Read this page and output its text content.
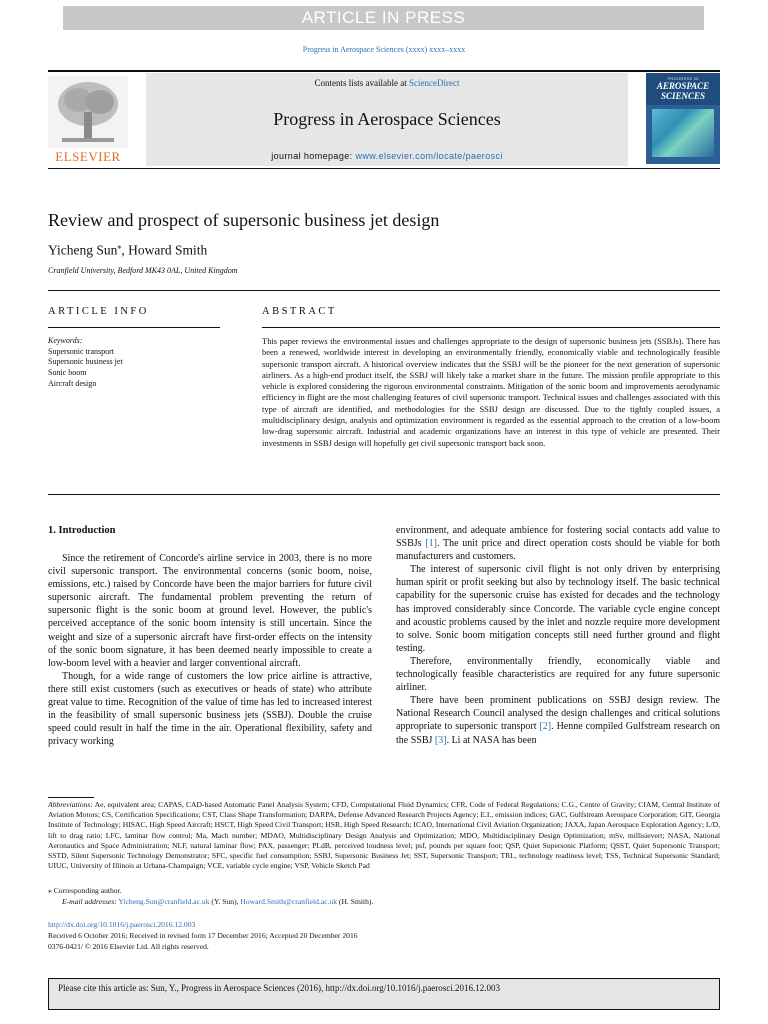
ARTICLE IN PRESS
Progress in Aerospace Sciences (xxxx) xxxx–xxxx
ELSEVIER
Contents lists available at ScienceDirect
Progress in Aerospace Sciences
journal homepage: www.elsevier.com/locate/paerosci
PROGRESS IN
AEROSPACE
SCIENCES
Review and prospect of supersonic business jet design
Yicheng Sun⁎, Howard Smith
Cranfield University, Bedford MK43 0AL, United Kingdom
ARTICLE INFO
Keywords:
Supersonic transport
Supersonic business jet
Sonic boom
Aircraft design
ABSTRACT
This paper reviews the environmental issues and challenges appropriate to the design of supersonic business jets (SSBJs). There has been a renewed, worldwide interest in developing an environmentally friendly, economically viable and technologically feasible supersonic transport aircraft. A historical overview indicates that the SSBJ will be the pioneer for the next generation of supersonic airliners. As a high-end product itself, the SSBJ will likely take a market share in the future. The mission profile appropriate to this vehicle is explored considering the rigorous environmental constraints. Mitigation of the sonic boom and improvements aerodynamic efficiency in flight are the most challenging features of civil supersonic transport. Technical issues and challenges associated with this type of aircraft are identified, and methodologies for the SSBJ design are discussed. Due to the tightly coupled issues, a multidisciplinary design, analysis and optimization environment is regarded as the essential approach to the creation of a low-boom low-drag supersonic aircraft. Industrial and academic organizations have an interest in this type of vehicle are presented. Their investments in SSBJ design will hopefully get civil supersonic transport back soon.
1. Introduction

Since the retirement of Concorde's airline service in 2003, there is no more civil supersonic transport. The environmental concerns (sonic boom, noise, emissions, etc.) raised by Concorde have been the major barriers for future civil supersonic aircraft. The fundamental problem preventing the return of supersonic flight is the sonic boom at ground level. However, the public's perceived acceptance of the sonic boom intensity is still uncertain. Since the weight and size of a supersonic aircraft have first-order effects on the intensity of the sonic boom signature, it has been deemed nearly impossible to create a low-boom level with a heavier and larger conventional aircraft.

Though, for a wide range of customers the low price airline is attractive, there still exist customers (such as executives or heads of state) who attribute great value to time. Recognition of the value of time has led to increased interest in the feasibility of small supersonic business jets (SSBJ). Double the cruise speed could result in half the time in the air. Operational flexibility, safety and privacy working

environment, and adequate ambience for fostering social contacts add value to SSBJs [1]. The unit price and direct operation costs should be viable for both manufacturers and customers.

The interest of supersonic civil flight is not only driven by enterprising human spirit or profit seeking but also by technology itself. The basic technical capability for the supersonic cruise has existed for decades and the technology has improved considerably since Concorde. The variable cycle engine concept and acoustic problems caused by the inlet and nozzle require more development to solve. Sonic boom mitigation concepts still need further ground and flight testing.

Therefore, environmentally friendly, economically viable and technologically feasible characteristics are required for any future supersonic airliner.

There have been prominent publications on SSBJ design review. The National Research Council analysed the design challenges and critical solutions appropriate to supersonic transport [2]. Henne compiled Gulfstream research on the SSBJ [3]. Li at NASA has been

Abbreviations: Ae, equivalent area; CAPAS, CAD-based Automatic Panel Analysis System; CFD, Computational Fluid Dynamics; CFR, Code of Federal Regulations; C.G., Centre of Gravity; CIAM, Central Institute of Aviation Motors; CS, Certification Specifications; CST, Class Shape Transformation; DARPA, Defense Advanced Research Projects Agency; E.I., emission indices; GAC, Gulfstream Aerospace Corporation; GIT, Georgia Institute of Technology; HISAC, High Speed Aircraft; HSCT, High Speed Civil Transport; HSR, High Speed Research; ICAO, International Civil Aviation Organization; JAXA, Japan Aerospace Exploration Agency; L/D, lift to drag ratio; LFC, laminar flow control; Ma, Mach number; MDAO, Multidisciplinary Design Analysis and Optimization; MDO, Multidisciplinary Design Optimization; mSv, millisievert; NASA, National Aeronautics and Space Administration; NLF, natural laminar flow; PAX, passenger; PLdB, perceived loudness level; psf, pounds per square foot; QSP, Quiet Supersonic Platform; QSST, Quiet Supersonic Transport; SSTD, Silent Supersonic Technology Demonstrator; SFC, specific fuel consumption; SSBJ, Supersonic Business Jet; SST, Supersonic Transport; TRL, technology readiness level; TSS, Technical Supersonic Standard; UIUC, University of Illinois at Urbana-Champaign; VCE, variable cycle engine; VSP, Vehicle Sketch Pad
⁎ Corresponding author.
E-mail addresses: Yicheng.Sun@cranfield.ac.uk (Y. Sun), Howard.Smith@cranfield.ac.uk (H. Smith).
http://dx.doi.org/10.1016/j.paerosci.2016.12.003
Received 6 October 2016; Received in revised form 17 December 2016; Accepted 20 December 2016
0376-0421/ © 2016 Elsevier Ltd. All rights reserved.
Please cite this article as: Sun, Y., Progress in Aerospace Sciences (2016), http://dx.doi.org/10.1016/j.paerosci.2016.12.003
